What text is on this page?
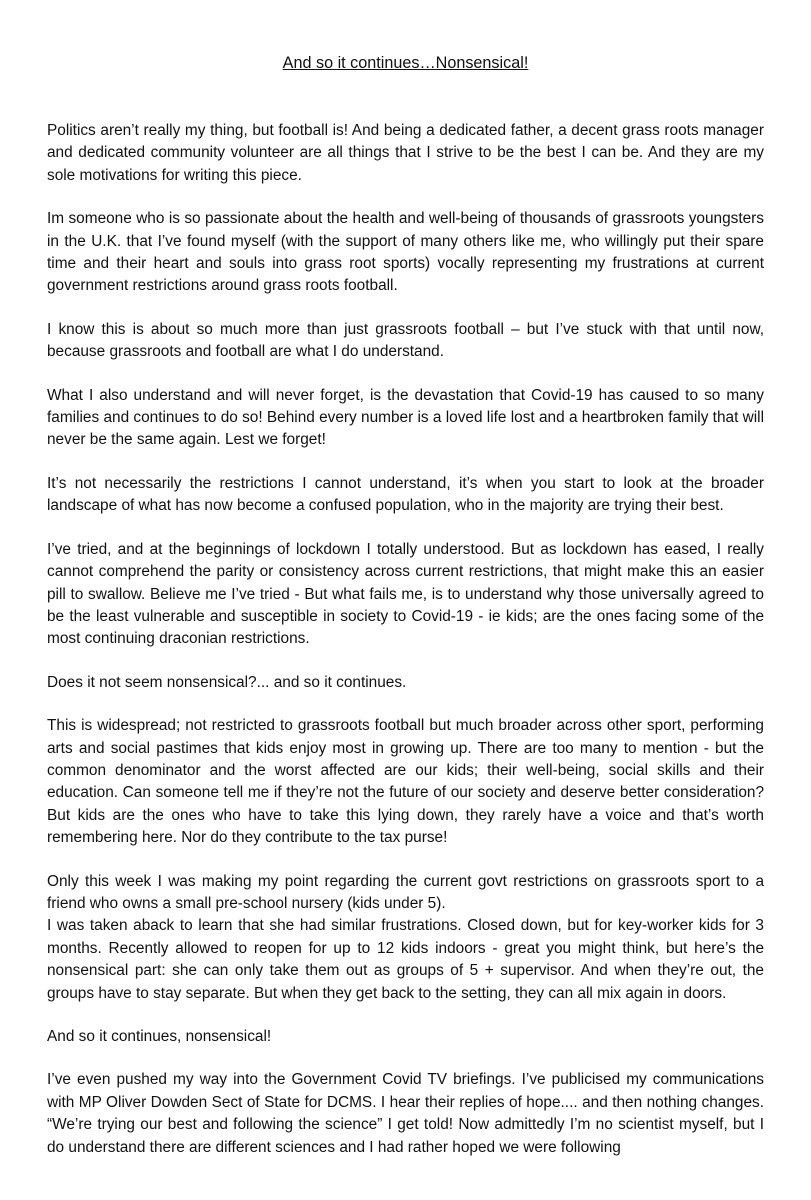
And so it continues…Nonsensical!

Politics aren’t really my thing, but football is! And being a dedicated father, a decent grass roots manager and dedicated community volunteer are all things that I strive to be the best I can be. And they are my sole motivations for writing this piece.

Im someone who is so passionate about the health and well-being of thousands of grassroots youngsters in the U.K. that I’ve found myself (with the support of many others like me, who willingly put their spare time and their heart and souls into grass root sports) vocally representing my frustrations at current government restrictions around grass roots football.

I know this is about so much more than just grassroots football – but I’ve stuck with that until now, because grassroots and football are what I do understand.

What I also understand and will never forget, is the devastation that Covid-19 has caused to so many families and continues to do so! Behind every number is a loved life lost and a heartbroken family that will never be the same again. Lest we forget!

It’s not necessarily the restrictions I cannot understand, it’s when you start to look at the broader landscape of what has now become a confused population, who in the majority are trying their best.

I’ve tried, and at the beginnings of lockdown I totally understood. But as lockdown has eased, I really cannot comprehend the parity or consistency across current restrictions, that might make this an easier pill to swallow. Believe me I’ve tried - But what fails me, is to understand why those universally agreed to be the least vulnerable and susceptible in society to Covid-19 - ie kids; are the ones facing some of the most continuing draconian restrictions.

Does it not seem nonsensical?... and so it continues.

This is widespread; not restricted to grassroots football but much broader across other sport, performing arts and social pastimes that kids enjoy most in growing up. There are too many to mention - but the common denominator and the worst affected are our kids; their well-being, social skills and their education. Can someone tell me if they’re not the future of our society and deserve better consideration? But kids are the ones who have to take this lying down, they rarely have a voice and that’s worth remembering here. Nor do they contribute to the tax purse!

Only this week I was making my point regarding the current govt restrictions on grassroots sport to a friend who owns a small pre-school nursery (kids under 5).

I was taken aback to learn that she had similar frustrations. Closed down, but for key-worker kids for 3 months. Recently allowed to reopen for up to 12 kids indoors - great you might think, but here’s the nonsensical part: she can only take them out as groups of 5 + supervisor. And when they’re out, the groups have to stay separate. But when they get back to the setting, they can all mix again in doors.

And so it continues, nonsensical!

I’ve even pushed my way into the Government Covid TV briefings. I’ve publicised my communications with MP Oliver Dowden Sect of State for DCMS. I hear their replies of hope.... and then nothing changes. “We’re trying our best and following the science” I get told! Now admittedly I’m no scientist myself, but I do understand there are different sciences and I had rather hoped we were following
